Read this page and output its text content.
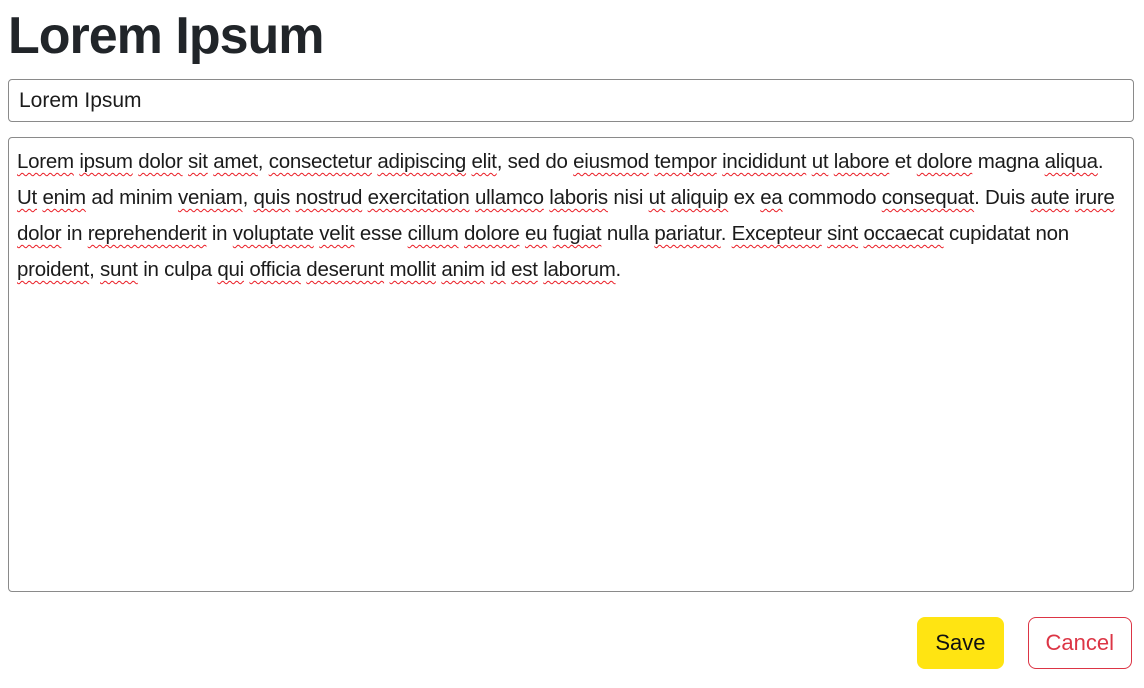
Lorem Ipsum
Lorem Ipsum
Lorem ipsum dolor sit amet, consectetur adipiscing elit, sed do eiusmod tempor incididunt ut labore et dolore magna aliqua. Ut enim ad minim veniam, quis nostrud exercitation ullamco laboris nisi ut aliquip ex ea commodo consequat. Duis aute irure dolor in reprehenderit in voluptate velit esse cillum dolore eu fugiat nulla pariatur. Excepteur sint occaecat cupidatat non proident, sunt in culpa qui officia deserunt mollit anim id est laborum.

Save	Cancel
